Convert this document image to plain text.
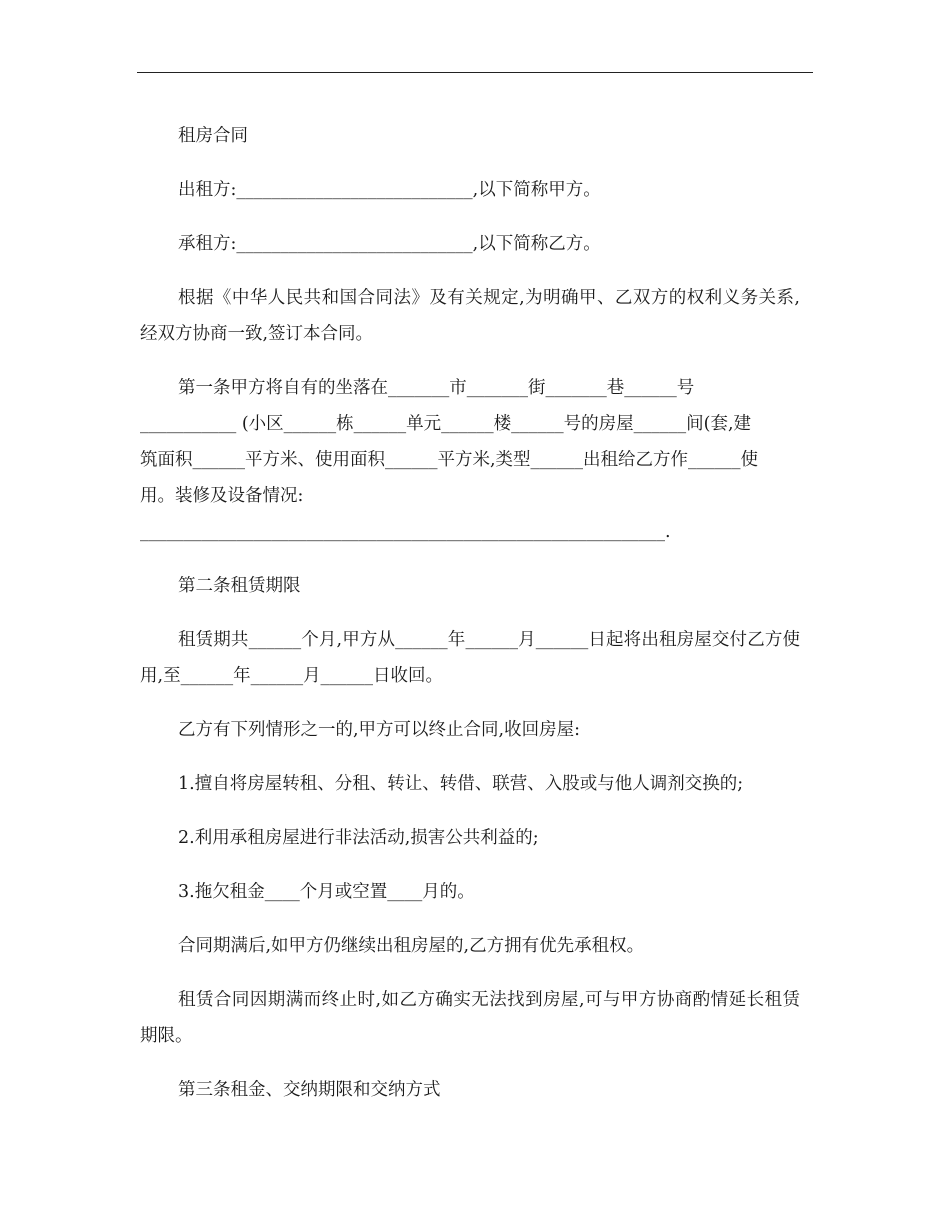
租房合同

出租方:___________________________,以下简称甲方。

承租方:___________________________,以下简称乙方。

根据《中华人民共和国合同法》及有关规定,为明确甲、乙双方的权利义务关系,经双方协商一致,签订本合同。

第一条甲方将自有的坐落在_______市_______街_______巷______号
___________ (小区______栋______单元______楼______号的房屋______间(套,建
筑面积______平方米、使用面积______平方米,类型______出租给乙方作______使
用。装修及设备情况:
____________________________________________________________.

第二条租赁期限

租赁期共______个月,甲方从______年______月______日起将出租房屋交付乙方使用,至______年______月______日收回。

乙方有下列情形之一的,甲方可以终止合同,收回房屋:

1.擅自将房屋转租、分租、转让、转借、联营、入股或与他人调剂交换的;

2.利用承租房屋进行非法活动,损害公共利益的;

3.拖欠租金____个月或空置____月的。

合同期满后,如甲方仍继续出租房屋的,乙方拥有优先承租权。

租赁合同因期满而终止时,如乙方确实无法找到房屋,可与甲方协商酌情延长租赁期限。

第三条租金、交纳期限和交纳方式
